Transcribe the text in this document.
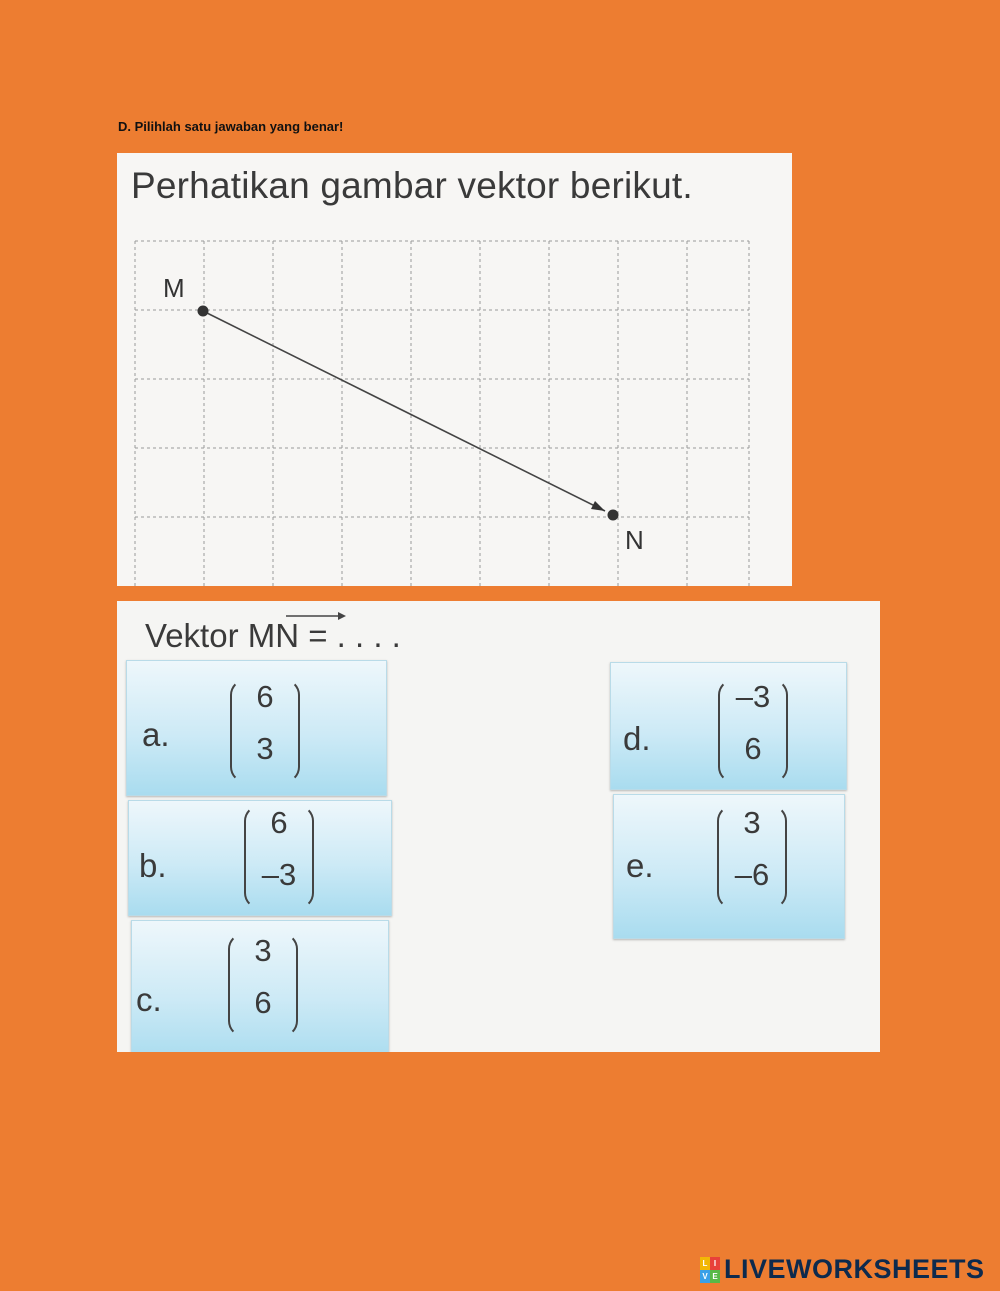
D. Pilihlah satu jawaban yang benar!
Perhatikan gambar vektor berikut.
M
N
Vektor MN = . . . .
a.
6
3
b.
6
–3
c.
3
6
d.
–3
6
e.
3
–6
L I
V E LIVEWORKSHEETS
